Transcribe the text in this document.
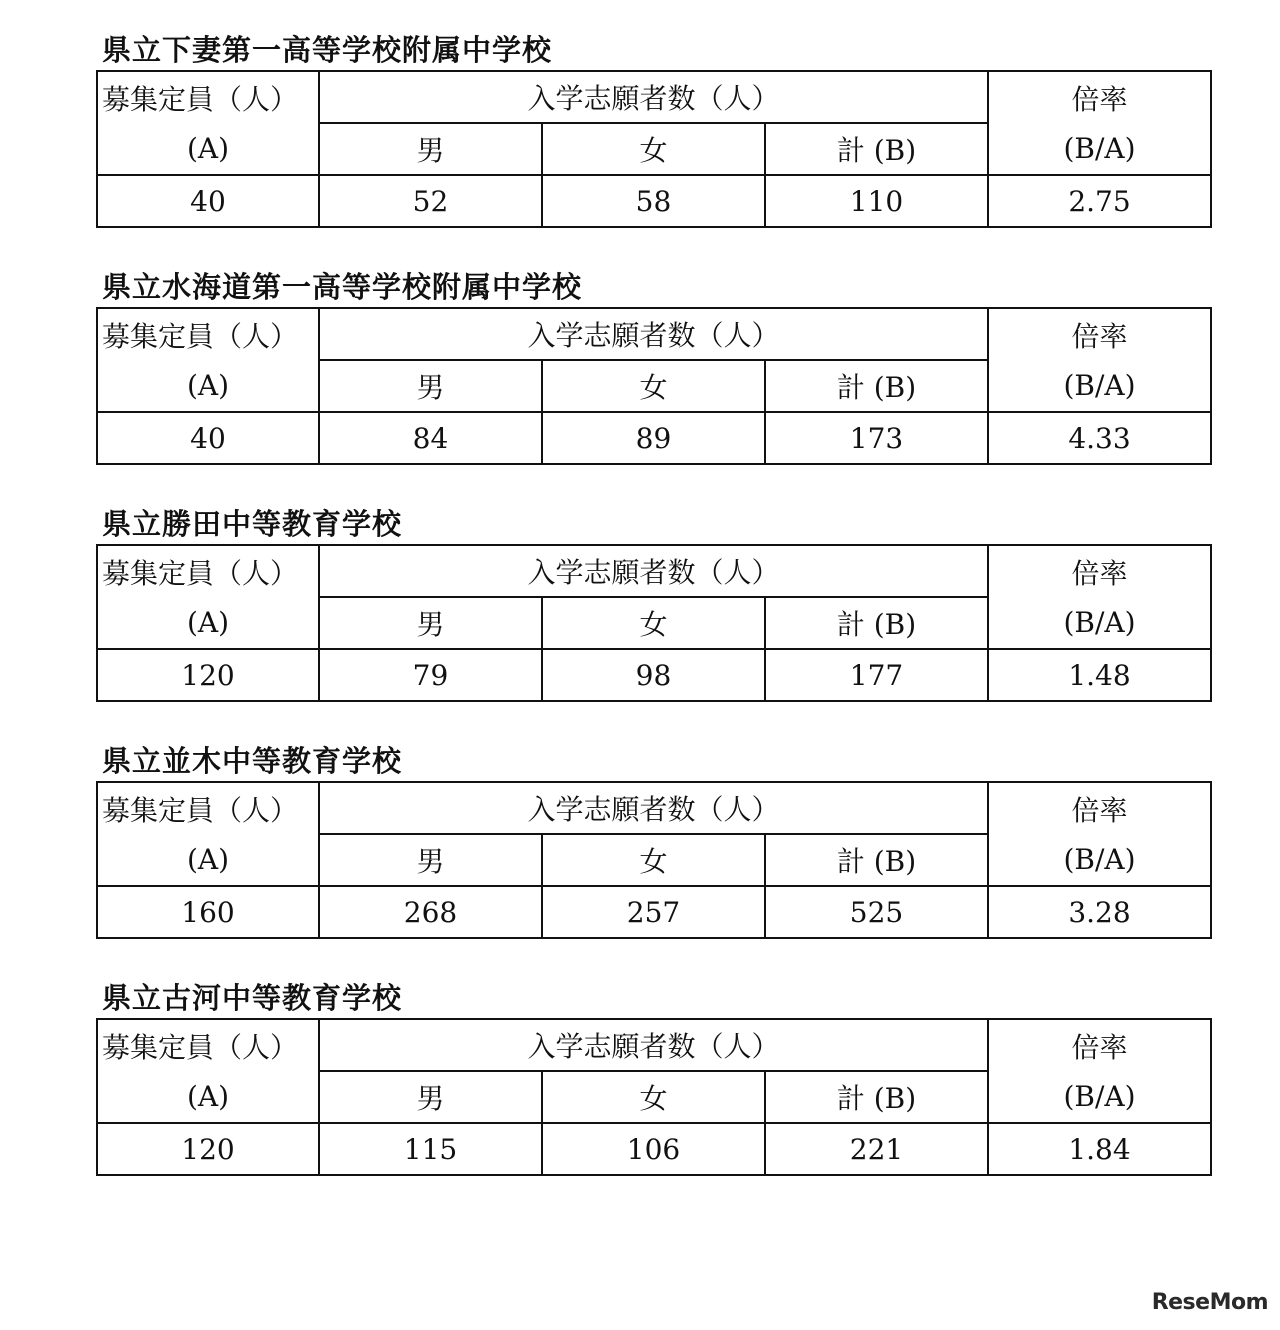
県立下妻第一高等学校附属中学校
募集定員（人）	入学志願者数（人）			倍率
(A)	男	女	計 (B)	(B/A)
40	52	58	110	2.75
県立水海道第一高等学校附属中学校
募集定員（人）	入学志願者数（人）			倍率
(A)	男	女	計 (B)	(B/A)
40	84	89	173	4.33
県立勝田中等教育学校
募集定員（人）	入学志願者数（人）			倍率
(A)	男	女	計 (B)	(B/A)
120	79	98	177	1.48
県立並木中等教育学校
募集定員（人）	入学志願者数（人）			倍率
(A)	男	女	計 (B)	(B/A)
160	268	257	525	3.28
県立古河中等教育学校
募集定員（人）	入学志願者数（人）			倍率
(A)	男	女	計 (B)	(B/A)
120	115	106	221	1.84
ReseMom
